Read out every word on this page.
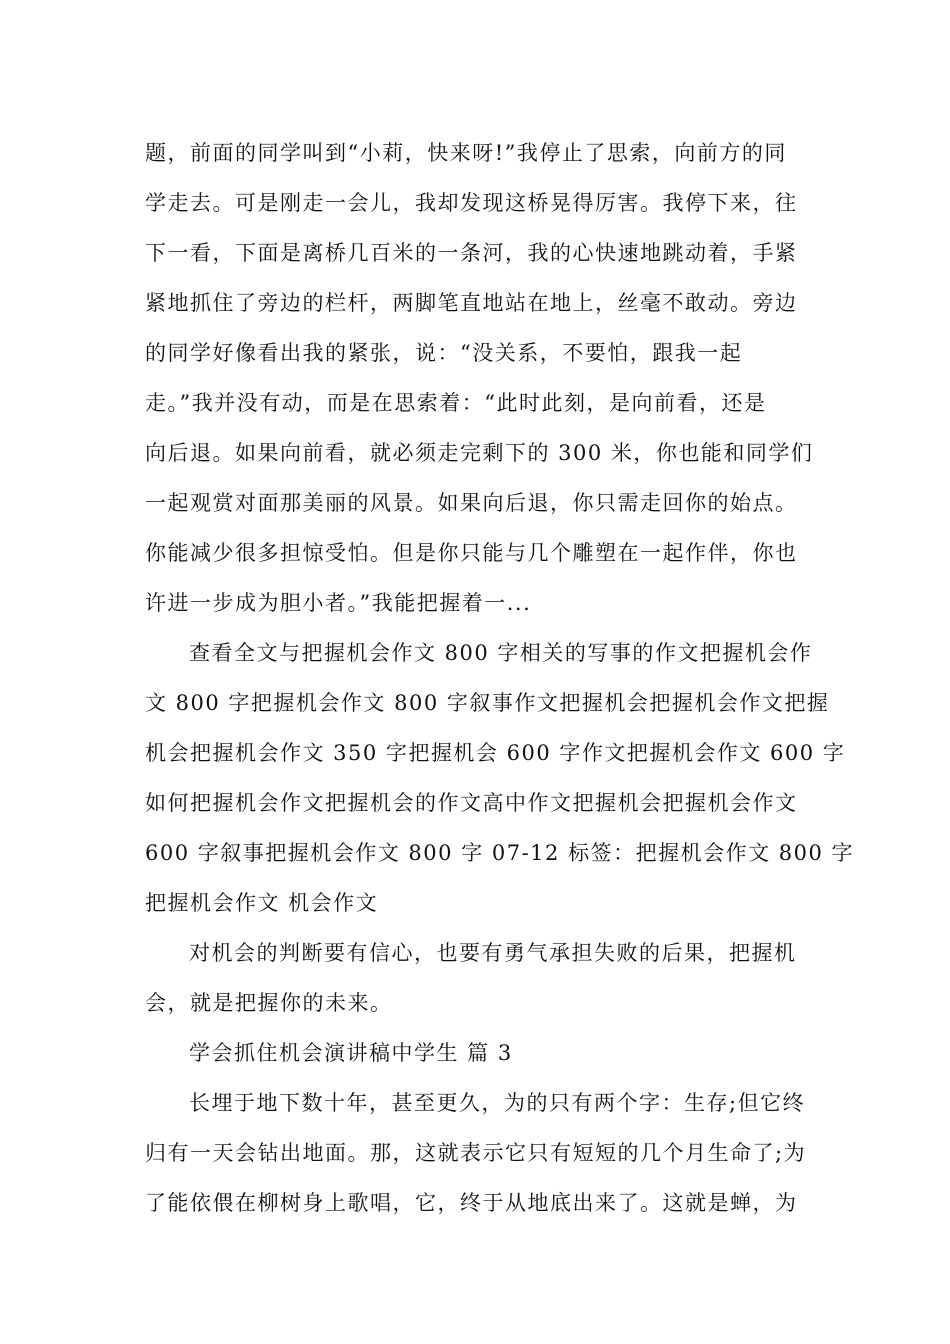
题，前面的同学叫到“小莉，快来呀!”我停止了思索，向前方的同
学走去。可是刚走一会儿，我却发现这桥晃得厉害。我停下来，往
下一看，下面是离桥几百米的一条河，我的心快速地跳动着，手紧
紧地抓住了旁边的栏杆，两脚笔直地站在地上，丝毫不敢动。旁边
的同学好像看出我的紧张，说：“没关系，不要怕，跟我一起
走。”我并没有动，而是在思索着：“此时此刻，是向前看，还是
向后退。如果向前看，就必须走完剩下的 300 米，你也能和同学们
一起观赏对面那美丽的风景。如果向后退，你只需走回你的始点。
你能减少很多担惊受怕。但是你只能与几个雕塑在一起作伴，你也
许进一步成为胆小者。”我能把握着一...
查看全文与把握机会作文 800 字相关的写事的作文把握机会作
文 800 字把握机会作文 800 字叙事作文把握机会把握机会作文把握
机会把握机会作文 350 字把握机会 600 字作文把握机会作文 600 字
如何把握机会作文把握机会的作文高中作文把握机会把握机会作文
600 字叙事把握机会作文 800 字 07-12 标签：把握机会作文 800 字
把握机会作文 机会作文
对机会的判断要有信心，也要有勇气承担失败的后果，把握机
会，就是把握你的未来。
学会抓住机会演讲稿中学生 篇 3
长埋于地下数十年，甚至更久，为的只有两个字：生存;但它终
归有一天会钻出地面。那，这就表示它只有短短的几个月生命了;为
了能依偎在柳树身上歌唱，它，终于从地底出来了。这就是蝉，为
